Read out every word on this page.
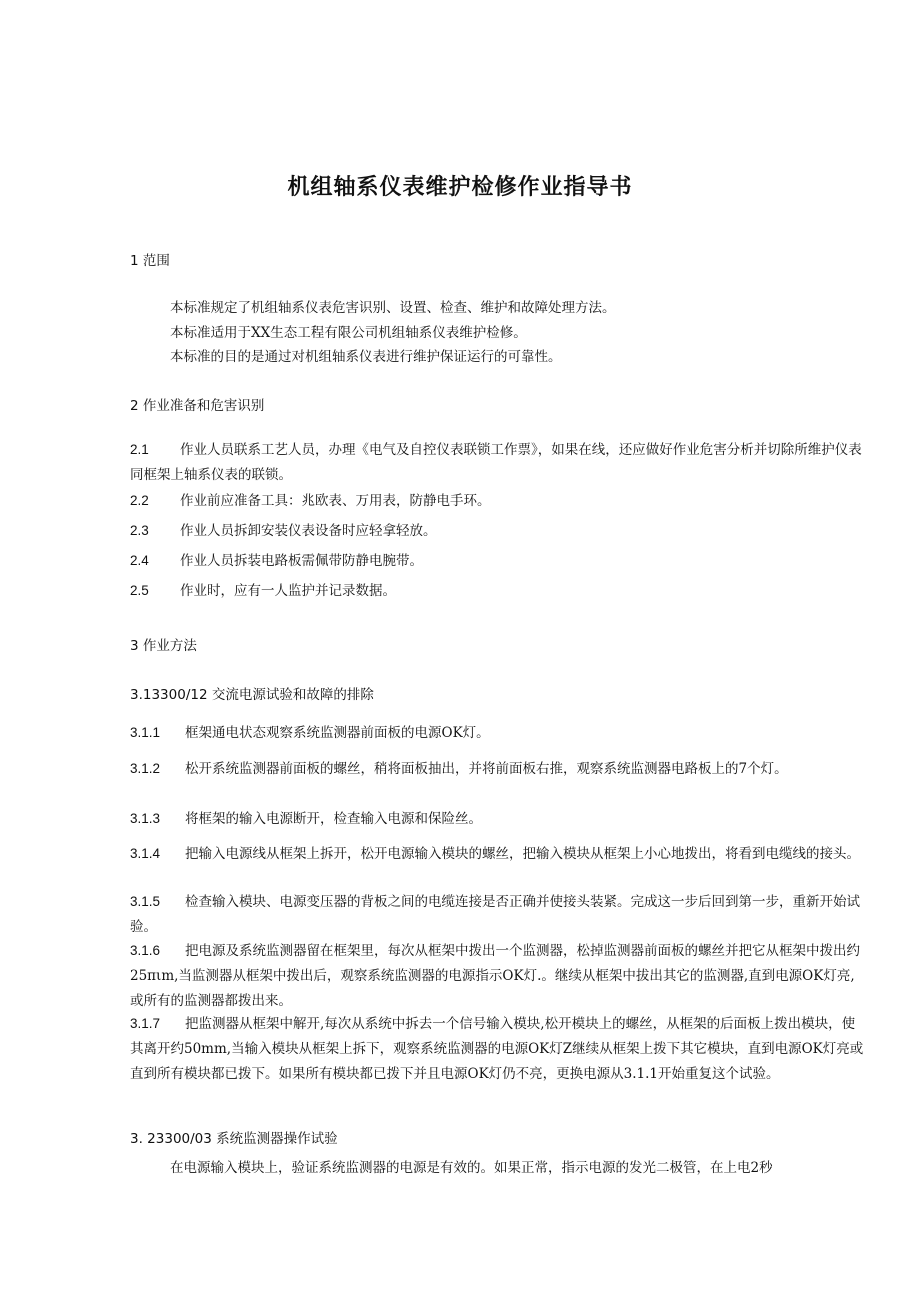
机组轴系仪表维护检修作业指导书

1 范围

本标准规定了机组轴系仪表危害识别、设置、检查、维护和故障处理方法。

本标准适用于XX生态工程有限公司机组轴系仪表维护检修。

本标准的目的是通过对机组轴系仪表进行维护保证运行的可靠性。

2 作业准备和危害识别

2.1 作业人员联系工艺人员，办理《电气及自控仪表联锁工作票》，如果在线，还应做好作业危害分析并切除所维护仪表同框架上轴系仪表的联锁。

2.2 作业前应准备工具：兆欧表、万用表，防静电手环。

2.3 作业人员拆卸安装仪表设备时应轻拿轻放。

2.4 作业人员拆装电路板需佩带防静电腕带。

2.5 作业时，应有一人监护并记录数据。

3 作业方法

3.13300/12 交流电源试验和故障的排除

3.1.1 框架通电状态观察系统监测器前面板的电源OK灯。

3.1.2 松开系统监测器前面板的螺丝，稍将面板抽出，并将前面板右推，观察系统监测器电路板上的7个灯。

3.1.3 将框架的输入电源断开，检查输入电源和保险丝。

3.1.4 把输入电源线从框架上拆开，松开电源输入模块的螺丝，把输入模块从框架上小心地拨出，将看到电缆线的接头。

3.1.5 检查输入模块、电源变压器的背板之间的电缆连接是否正确并使接头装紧。完成这一步后回到第一步，重新开始试验。

3.1.6 把电源及系统监测器留在框架里，每次从框架中拨出一个监测器，松掉监测器前面板的螺丝并把它从框架中拨出约25πιm,当监测器从框架中拨出后，观察系统监测器的电源指示OK灯.。继续从框架中拔出其它的监测器,直到电源OK灯亮,或所有的监测器都拨出来。

3.1.7 把监测器从框架中解开,每次从系统中拆去一个信号输入模块,松开模块上的螺丝，从框架的后面板上拨出模块，使其离开约50mm,当输入模块从框架上拆下，观察系统监测器的电源OK灯Z继续从框架上拨下其它模块，直到电源OK灯亮或直到所有模块都已拨下。如果所有模块都已拨下并且电源OK灯仍不亮，更换电源从3.1.1开始重复这个试验。

3. 23300/03 系统监测器操作试验

在电源输入模块上，验证系统监测器的电源是有效的。如果正常，指示电源的发光二极管，在上电2秒
